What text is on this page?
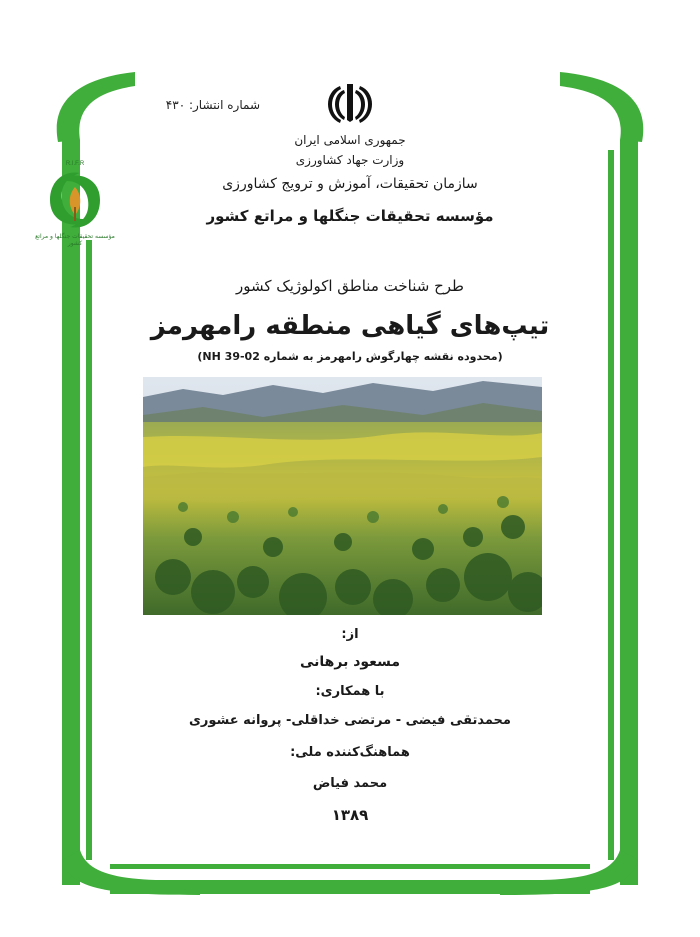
شماره انتشار: ۴۳۰
جمهوری اسلامی ایران
وزارت جهاد کشاورزی
سازمان تحقیقات، آموزش و ترویج کشاورزی
مؤسسه تحقیقات جنگلها و مراتع کشور
R.I.F.R
مؤسسه تحقیقات جنگلها و مراتع کشور
طرح شناخت مناطق اکولوژیک کشور
تیپ‌های گیاهی منطقه رامهرمز
(محدوده نقشه چهارگوش رامهرمز به شماره NH 39-02)
از:
مسعود برهانی
با همکاری:
محمدتقی فیضی - مرتضی خداقلی- پروانه عشوری
هماهنگ‌کننده ملی:
محمد فیاض
۱۳۸۹
